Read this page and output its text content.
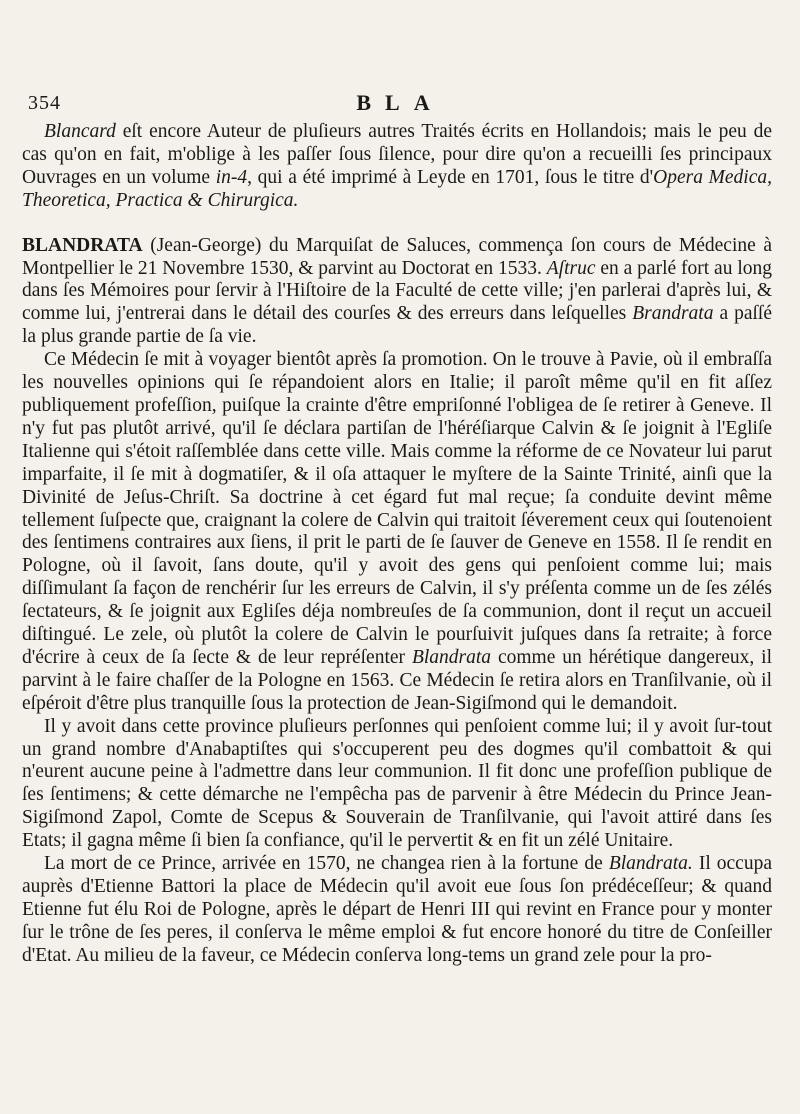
354	BLA

Blancard eſt encore Auteur de pluſieurs autres Traités écrits en Hollandois; mais le peu de cas qu'on en fait, m'oblige à les paſſer ſous ſilence, pour dire qu'on a recueilli ſes principaux Ouvrages en un volume in-4, qui a été imprimé à Leyde en 1701, ſous le titre d'Opera Medica, Theoretica, Practica & Chirurgica.

BLANDRATA (Jean-George) du Marquiſat de Saluces, commença ſon cours de Médecine à Montpellier le 21 Novembre 1530, & parvint au Doctorat en 1533. Aſtruc en a parlé fort au long dans ſes Mémoires pour ſervir à l'Hiſtoire de la Faculté de cette ville; j'en parlerai d'après lui, & comme lui, j'entrerai dans le détail des courſes & des erreurs dans leſquelles Brandrata a paſſé la plus grande partie de ſa vie.

Ce Médecin ſe mit à voyager bientôt après ſa promotion. On le trouve à Pavie, où il embraſſa les nouvelles opinions qui ſe répandoient alors en Italie; il paroît même qu'il en fit aſſez publiquement profeſſion, puiſque la crainte d'être empriſonné l'obligea de ſe retirer à Geneve. Il n'y fut pas plutôt arrivé, qu'il ſe déclara partiſan de l'héréſiarque Calvin & ſe joignit à l'Egliſe Italienne qui s'étoit raſſemblée dans cette ville. Mais comme la réforme de ce Novateur lui parut imparfaite, il ſe mit à dogmatiſer, & il oſa attaquer le myſtere de la Sainte Trinité, ainſi que la Divinité de Jeſus-Chriſt. Sa doctrine à cet égard fut mal reçue; ſa conduite devint même tellement ſuſpecte que, craignant la colere de Calvin qui traitoit ſéverement ceux qui ſoutenoient des ſentimens contraires aux ſiens, il prit le parti de ſe ſauver de Geneve en 1558. Il ſe rendit en Pologne, où il ſavoit, ſans doute, qu'il y avoit des gens qui penſoient comme lui; mais diſſimulant ſa façon de renchérir ſur les erreurs de Calvin, il s'y préſenta comme un de ſes zélés ſectateurs, & ſe joignit aux Egliſes déja nombreuſes de ſa communion, dont il reçut un accueil diſtingué. Le zele, où plutôt la colere de Calvin le pourſuivit juſques dans ſa retraite; à force d'écrire à ceux de ſa ſecte & de leur repréſenter Blandrata comme un hérétique dangereux, il parvint à le faire chaſſer de la Pologne en 1563. Ce Médecin ſe retira alors en Tranſilvanie, où il eſpéroit d'être plus tranquille ſous la protection de Jean-Sigiſmond qui le demandoit.

Il y avoit dans cette province pluſieurs perſonnes qui penſoient comme lui; il y avoit ſur-tout un grand nombre d'Anabaptiſtes qui s'occuperent peu des dogmes qu'il combattoit & qui n'eurent aucune peine à l'admettre dans leur communion. Il fit donc une profeſſion publique de ſes ſentimens; & cette démarche ne l'empêcha pas de parvenir à être Médecin du Prince Jean-Sigiſmond Zapol, Comte de Scepus & Souverain de Tranſilvanie, qui l'avoit attiré dans ſes Etats; il gagna même ſi bien ſa confiance, qu'il le pervertit & en fit un zélé Unitaire.

La mort de ce Prince, arrivée en 1570, ne changea rien à la fortune de Blandrata. Il occupa auprès d'Etienne Battori la place de Médecin qu'il avoit eue ſous ſon prédéceſſeur; & quand Etienne fut élu Roi de Pologne, après le départ de Henri III qui revint en France pour y monter ſur le trône de ſes peres, il conſerva le même emploi & fut encore honoré du titre de Conſeiller d'Etat. Au milieu de la faveur, ce Médecin conſerva long-tems un grand zele pour la pro-
